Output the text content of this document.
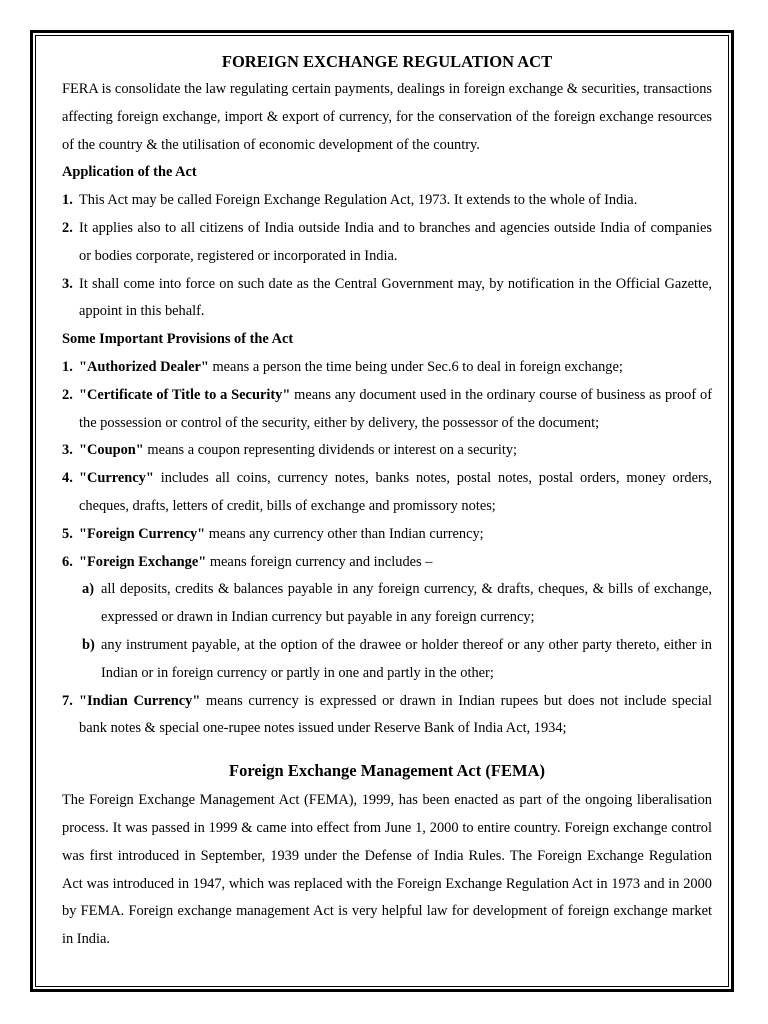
FOREIGN EXCHANGE REGULATION ACT

FERA is consolidate the law regulating certain payments, dealings in foreign exchange & securities, transactions affecting foreign exchange, import & export of currency, for the conservation of the foreign exchange resources of the country & the utilisation of economic development of the country.

Application of the Act
1. This Act may be called Foreign Exchange Regulation Act, 1973. It extends to the whole of India.
2. It applies also to all citizens of India outside India and to branches and agencies outside India of companies or bodies corporate, registered or incorporated in India.
3. It shall come into force on such date as the Central Government may, by notification in the Official Gazette, appoint in this behalf.
Some Important Provisions of the Act
1. "Authorized Dealer" means a person the time being under Sec.6 to deal in foreign exchange;
2. "Certificate of Title to a Security" means any document used in the ordinary course of business as proof of the possession or control of the security, either by delivery, the possessor of the document;
3. "Coupon" means a coupon representing dividends or interest on a security;
4. "Currency" includes all coins, currency notes, banks notes, postal notes, postal orders, money orders, cheques, drafts, letters of credit, bills of exchange and promissory notes;
5. "Foreign Currency" means any currency other than Indian currency;
6. "Foreign Exchange" means foreign currency and includes –
a) all deposits, credits & balances payable in any foreign currency, & drafts, cheques, & bills of exchange, expressed or drawn in Indian currency but payable in any foreign currency;
b) any instrument payable, at the option of the drawee or holder thereof or any other party thereto, either in Indian or in foreign currency or partly in one and partly in the other;
7. "Indian Currency" means currency is expressed or drawn in Indian rupees but does not include special bank notes & special one-rupee notes issued under Reserve Bank of India Act, 1934;
Foreign Exchange Management Act (FEMA)

The Foreign Exchange Management Act (FEMA), 1999, has been enacted as part of the ongoing liberalisation process. It was passed in 1999 & came into effect from June 1, 2000 to entire country. Foreign exchange control was first introduced in September, 1939 under the Defense of India Rules. The Foreign Exchange Regulation Act was introduced in 1947, which was replaced with the Foreign Exchange Regulation Act in 1973 and in 2000 by FEMA. Foreign exchange management Act is very helpful law for development of foreign exchange market in India.
